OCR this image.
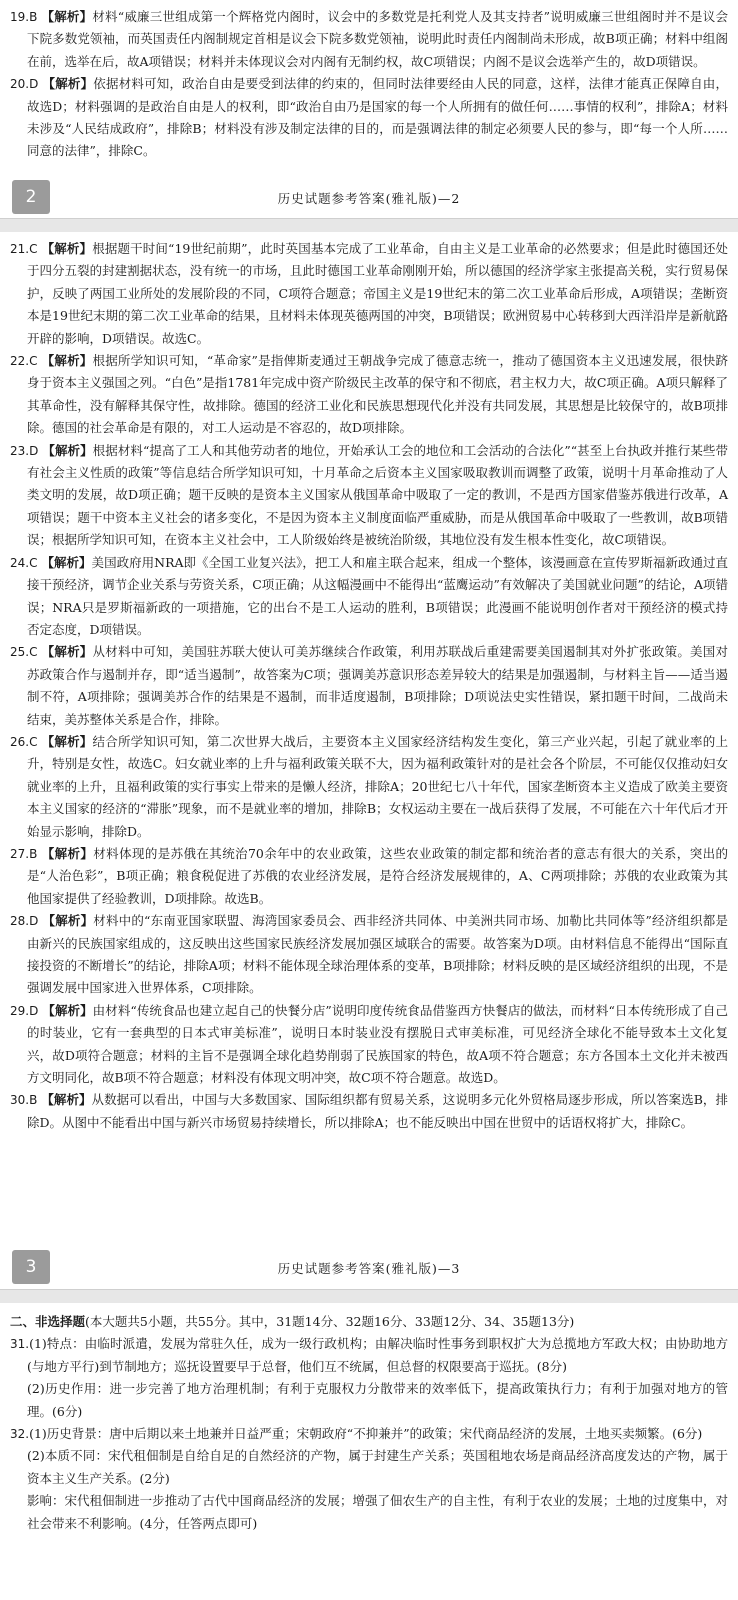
19.B 【解析】材料“威廉三世组成第一个辉格党内阁时，议会中的多数党是托利党人及其支持者”说明威廉三世组阁时并不是议会下院多数党领袖，而英国责任内阁制规定首相是议会下院多数党领袖，说明此时责任内阁制尚未形成，故B项正确；材料中组阁在前，选举在后，故A项错误；材料并未体现议会对内阁有无制约权，故C项错误；内阁不是议会选举产生的，故D项错误。

20.D 【解析】依据材料可知，政治自由是要受到法律的约束的，但同时法律要经由人民的同意，这样，法律才能真正保障自由，故选D；材料强调的是政治自由是人的权利，即“政治自由乃是国家的每一个人所拥有的做任何……事情的权利”，排除A；材料未涉及“人民结成政府”，排除B；材料没有涉及制定法律的目的，而是强调法律的制定必须要人民的参与，即“每一个人所……同意的法律”，排除C。

2	历史试题参考答案(雅礼版)—2

21.C 【解析】根据题干时间“19世纪前期”，此时英国基本完成了工业革命，自由主义是工业革命的必然要求；但是此时德国还处于四分五裂的封建割据状态，没有统一的市场，且此时德国工业革命刚刚开始，所以德国的经济学家主张提高关税，实行贸易保护，反映了两国工业所处的发展阶段的不同，C项符合题意；帝国主义是19世纪末的第二次工业革命后形成，A项错误；垄断资本是19世纪末期的第二次工业革命的结果，且材料未体现英德两国的冲突，B项错误；欧洲贸易中心转移到大西洋沿岸是新航路开辟的影响，D项错误。故选C。

22.C 【解析】根据所学知识可知，“革命家”是指俾斯麦通过王朝战争完成了德意志统一，推动了德国资本主义迅速发展，很快跻身于资本主义强国之列。“白色”是指1781年完成中资产阶级民主改革的保守和不彻底，君主权力大，故C项正确。A项只解释了其革命性，没有解释其保守性，故排除。德国的经济工业化和民族思想现代化并没有共同发展，其思想是比较保守的，故B项排除。德国的社会革命是有限的，对工人运动是不容忍的，故D项排除。

23.D 【解析】根据材料“提高了工人和其他劳动者的地位，开始承认工会的地位和工会活动的合法化”“甚至上台执政并推行某些带有社会主义性质的政策”等信息结合所学知识可知，十月革命之后资本主义国家吸取教训而调整了政策，说明十月革命推动了人类文明的发展，故D项正确；题干反映的是资本主义国家从俄国革命中吸取了一定的教训，不是西方国家借鉴苏俄进行改革，A项错误；题干中资本主义社会的诸多变化，不是因为资本主义制度面临严重威胁，而是从俄国革命中吸取了一些教训，故B项错误；根据所学知识可知，在资本主义社会中，工人阶级始终是被统治阶级，其地位没有发生根本性变化，故C项错误。

24.C 【解析】美国政府用NRA即《全国工业复兴法》，把工人和雇主联合起来，组成一个整体，该漫画意在宣传罗斯福新政通过直接干预经济，调节企业关系与劳资关系，C项正确；从这幅漫画中不能得出“蓝鹰运动”有效解决了美国就业问题”的结论，A项错误；NRA只是罗斯福新政的一项措施，它的出台不是工人运动的胜利，B项错误；此漫画不能说明创作者对干预经济的模式持否定态度，D项错误。

25.C 【解析】从材料中可知，美国驻苏联大使认可美苏继续合作政策，利用苏联战后重建需要美国遏制其对外扩张政策。美国对苏政策合作与遏制并存，即“适当遏制”，故答案为C项；强调美苏意识形态差异较大的结果是加强遏制，与材料主旨——适当遏制不符，A项排除；强调美苏合作的结果是不遏制，而非适度遏制，B项排除；D项说法史实性错误，紧扣题干时间，二战尚未结束，美苏整体关系是合作，排除。

26.C 【解析】结合所学知识可知，第二次世界大战后，主要资本主义国家经济结构发生变化，第三产业兴起，引起了就业率的上升，特别是女性，故选C。妇女就业率的上升与福利政策关联不大，因为福利政策针对的是社会各个阶层，不可能仅仅推动妇女就业率的上升，且福利政策的实行事实上带来的是懒人经济，排除A；20世纪七八十年代，国家垄断资本主义造成了欧美主要资本主义国家的经济的“滞胀”现象，而不是就业率的增加，排除B；女权运动主要在一战后获得了发展，不可能在六十年代后才开始显示影响，排除D。

27.B 【解析】材料体现的是苏俄在其统治70余年中的农业政策，这些农业政策的制定都和统治者的意志有很大的关系，突出的是“人治色彩”，B项正确；粮食税促进了苏俄的农业经济发展，是符合经济发展规律的，A、C两项排除；苏俄的农业政策为其他国家提供了经验教训，D项排除。故选B。

28.D 【解析】材料中的“东南亚国家联盟、海湾国家委员会、西非经济共同体、中美洲共同市场、加勒比共同体等”经济组织都是由新兴的民族国家组成的，这反映出这些国家民族经济发展加强区域联合的需要。故答案为D项。由材料信息不能得出“国际直接投资的不断增长”的结论，排除A项；材料不能体现全球治理体系的变革，B项排除；材料反映的是区域经济组织的出现，不是强调发展中国家进入世界体系，C项排除。

29.D 【解析】由材料“传统食品也建立起自己的快餐分店”说明印度传统食品借鉴西方快餐店的做法，而材料“日本传统形成了自己的时装业，它有一套典型的日本式审美标准”，说明日本时装业没有摆脱日式审美标准，可见经济全球化不能导致本土文化复兴，故D项符合题意；材料的主旨不是强调全球化趋势削弱了民族国家的特色，故A项不符合题意；东方各国本土文化并未被西方文明同化，故B项不符合题意；材料没有体现文明冲突，故C项不符合题意。故选D。

30.B 【解析】从数据可以看出，中国与大多数国家、国际组织都有贸易关系，这说明多元化外贸格局逐步形成，所以答案选B，排除D。从图中不能看出中国与新兴市场贸易持续增长，所以排除A；也不能反映出中国在世贸中的话语权将扩大，排除C。

3	历史试题参考答案(雅礼版)—3

二、非选择题(本大题共5小题，共55分。其中，31题14分、32题16分、33题12分、34、35题13分)

31.(1)特点：由临时派遣，发展为常驻久任，成为一级行政机构；由解决临时性事务到职权扩大为总揽地方军政大权；由协助地方(与地方平行)到节制地方；巡抚设置要早于总督，他们互不统属，但总督的权限要高于巡抚。(8分)

(2)历史作用：进一步完善了地方治理机制；有利于克服权力分散带来的效率低下，提高政策执行力；有利于加强对地方的管理。(6分)

32.(1)历史背景：唐中后期以来土地兼并日益严重；宋朝政府“不抑兼并”的政策；宋代商品经济的发展，土地买卖频繁。(6分)

(2)本质不同：宋代租佃制是自给自足的自然经济的产物，属于封建生产关系；英国租地农场是商品经济高度发达的产物，属于资本主义生产关系。(2分)

影响：宋代租佃制进一步推动了古代中国商品经济的发展；增强了佃农生产的自主性，有利于农业的发展；土地的过度集中，对社会带来不利影响。(4分，任答两点即可)
